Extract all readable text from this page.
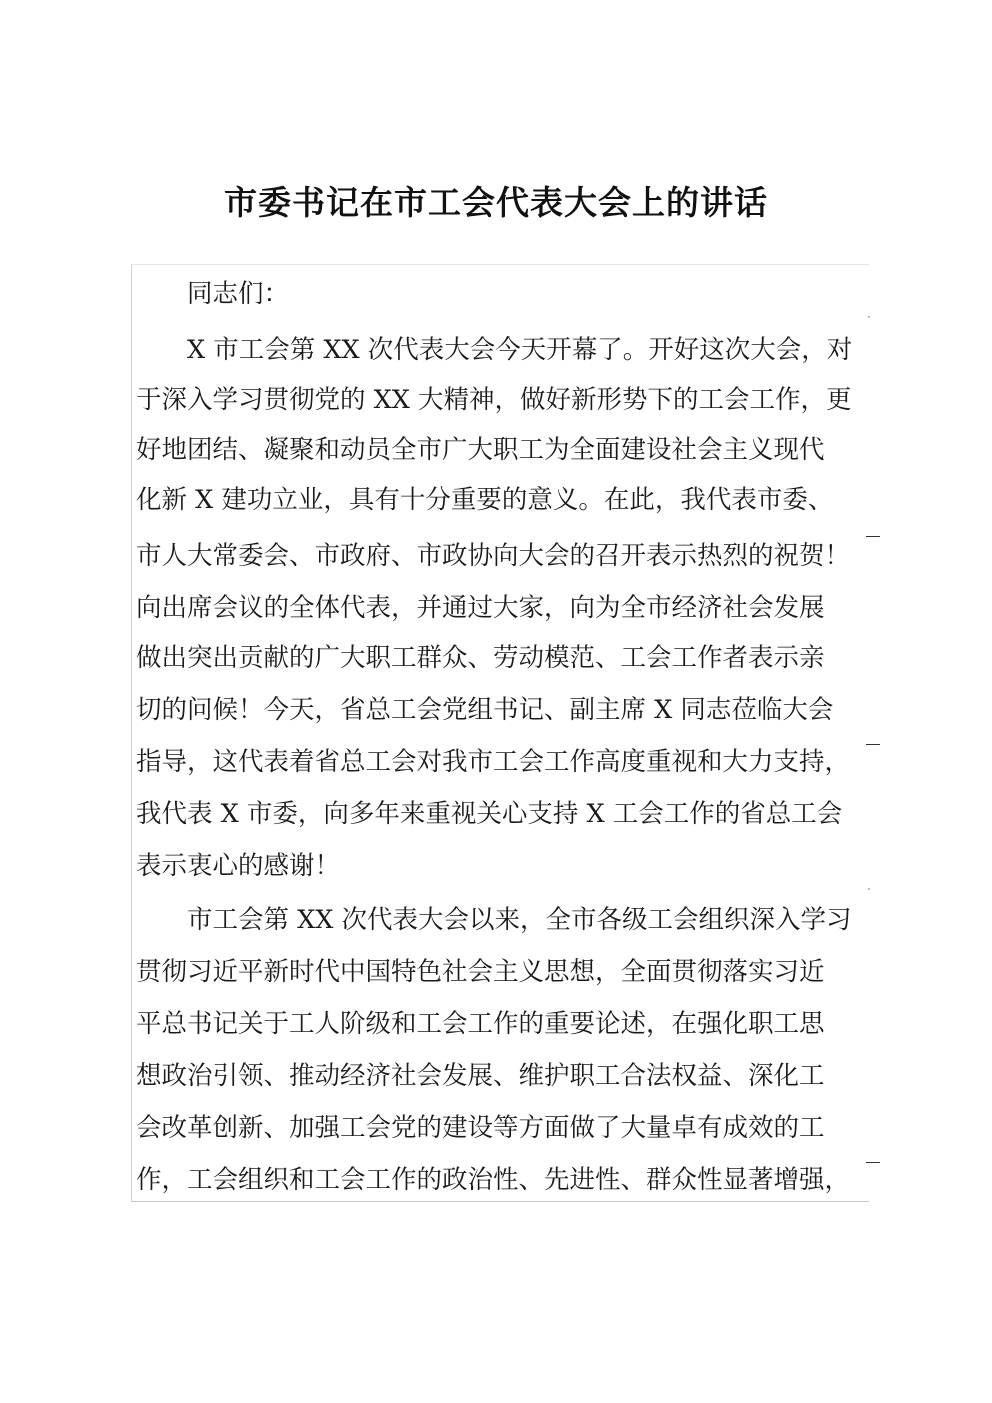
市委书记在市工会代表大会上的讲话
同志们：
X 市工会第 XX 次代表大会今天开幕了。开好这次大会，对
于深入学习贯彻党的 XX 大精神，做好新形势下的工会工作，更
好地团结、凝聚和动员全市广大职工为全面建设社会主义现代
化新 X 建功立业，具有十分重要的意义。在此，我代表市委、
市人大常委会、市政府、市政协向大会的召开表示热烈的祝贺！
向出席会议的全体代表，并通过大家，向为全市经济社会发展
做出突出贡献的广大职工群众、劳动模范、工会工作者表示亲
切的问候！今天，省总工会党组书记、副主席 X 同志莅临大会
指导，这代表着省总工会对我市工会工作高度重视和大力支持，
我代表 X 市委，向多年来重视关心支持 X 工会工作的省总工会
表示衷心的感谢！
市工会第 XX 次代表大会以来，全市各级工会组织深入学习
贯彻习近平新时代中国特色社会主义思想，全面贯彻落实习近
平总书记关于工人阶级和工会工作的重要论述，在强化职工思
想政治引领、推动经济社会发展、维护职工合法权益、深化工
会改革创新、加强工会党的建设等方面做了大量卓有成效的工
作，工会组织和工会工作的政治性、先进性、群众性显著增强，
